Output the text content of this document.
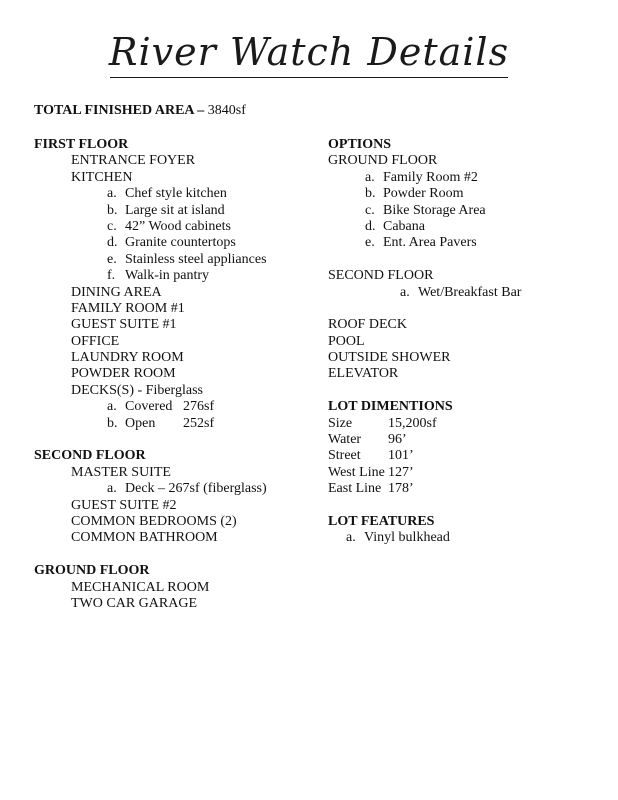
River Watch Details
TOTAL FINISHED AREA – 3840sf
FIRST FLOOR
ENTRANCE FOYER
KITCHEN
a. Chef style kitchen
b. Large sit at island
c. 42” Wood cabinets
d. Granite countertops
e. Stainless steel appliances
f. Walk-in pantry
DINING AREA
FAMILY ROOM #1
GUEST SUITE #1
OFFICE
LAUNDRY ROOM
POWDER ROOM
DECKS(S) - Fiberglass
a. Covered 276sf
b. Open 252sf
SECOND FLOOR
MASTER SUITE
a. Deck – 267sf (fiberglass)
GUEST SUITE #2
COMMON BEDROOMS (2)
COMMON BATHROOM
GROUND FLOOR
MECHANICAL ROOM
TWO CAR GARAGE
OPTIONS
GROUND FLOOR
a. Family Room #2
b. Powder Room
c. Bike Storage Area
d. Cabana
e. Ent. Area Pavers
SECOND FLOOR
a. Wet/Breakfast Bar
ROOF DECK
POOL
OUTSIDE SHOWER
ELEVATOR
LOT DIMENTIONS
Size	15,200sf
Water	96’
Street	101’
West Line 127’
East Line 178’
LOT FEATURES
a. Vinyl bulkhead
